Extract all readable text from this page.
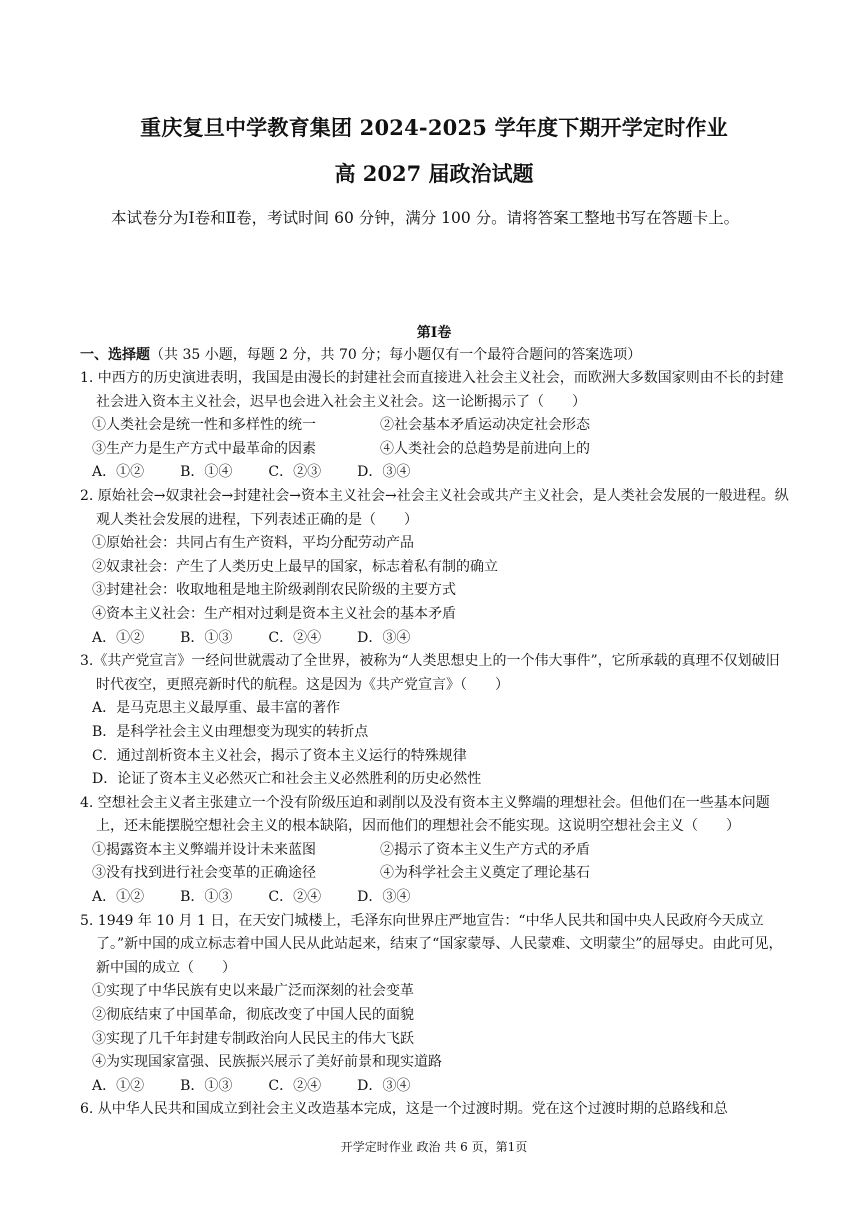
重庆复旦中学教育集团 2024-2025 学年度下期开学定时作业
高 2027 届政治试题
本试卷分为Ⅰ卷和Ⅱ卷，考试时间 60 分钟，满分 100 分。请将答案工整地书写在答题卡上。
第Ⅰ卷
一、选择题（共 35 小题，每题 2 分，共 70 分；每小题仅有一个最符合题问的答案选项）
1. 中西方的历史演进表明，我国是由漫长的封建社会而直接进入社会主义社会，而欧洲大多数国家则由不长的封建社会进入资本主义社会，迟早也会进入社会主义社会。这一论断揭示了（　　）
①人类社会是统一性和多样性的统一	②社会基本矛盾运动决定社会形态
③生产力是生产方式中最革命的因素	④人类社会的总趋势是前进向上的
A．①②	B．①④	C．②③	D．③④
2. 原始社会→奴隶社会→封建社会→资本主义社会→社会主义社会或共产主义社会，是人类社会发展的一般进程。纵观人类社会发展的进程，下列表述正确的是（　　）
①原始社会：共同占有生产资料，平均分配劳动产品
②奴隶社会：产生了人类历史上最早的国家，标志着私有制的确立
③封建社会：收取地租是地主阶级剥削农民阶级的主要方式
④资本主义社会：生产相对过剩是资本主义社会的基本矛盾
A．①②	B．①③	C．②④	D．③④
3.《共产党宣言》一经问世就震动了全世界，被称为“人类思想史上的一个伟大事件”，它所承载的真理不仅划破旧时代夜空，更照亮新时代的航程。这是因为《共产党宣言》（　　）
A．是马克思主义最厚重、最丰富的著作
B．是科学社会主义由理想变为现实的转折点
C．通过剖析资本主义社会，揭示了资本主义运行的特殊规律
D．论证了资本主义必然灭亡和社会主义必然胜利的历史必然性
4. 空想社会主义者主张建立一个没有阶级压迫和剥削以及没有资本主义弊端的理想社会。但他们在一些基本问题上，还未能摆脱空想社会主义的根本缺陷，因而他们的理想社会不能实现。这说明空想社会主义（　　）
①揭露资本主义弊端并设计未来蓝图	②揭示了资本主义生产方式的矛盾
③没有找到进行社会变革的正确途径	④为科学社会主义奠定了理论基石
A．①②	B．①③	C．②④	D．③④
5. 1949 年 10 月 1 日，在天安门城楼上，毛泽东向世界庄严地宣告：“中华人民共和国中央人民政府今天成立了。”新中国的成立标志着中国人民从此站起来，结束了“国家蒙辱、人民蒙难、文明蒙尘”的屈辱史。由此可见，新中国的成立（　　）
①实现了中华民族有史以来最广泛而深刻的社会变革
②彻底结束了中国革命，彻底改变了中国人民的面貌
③实现了几千年封建专制政治向人民民主的伟大飞跃
④为实现国家富强、民族振兴展示了美好前景和现实道路
A．①②	B．①③	C．②④	D．③④
6. 从中华人民共和国成立到社会主义改造基本完成，这是一个过渡时期。党在这个过渡时期的总路线和总
开学定时作业 政治 共 6 页，第1页
